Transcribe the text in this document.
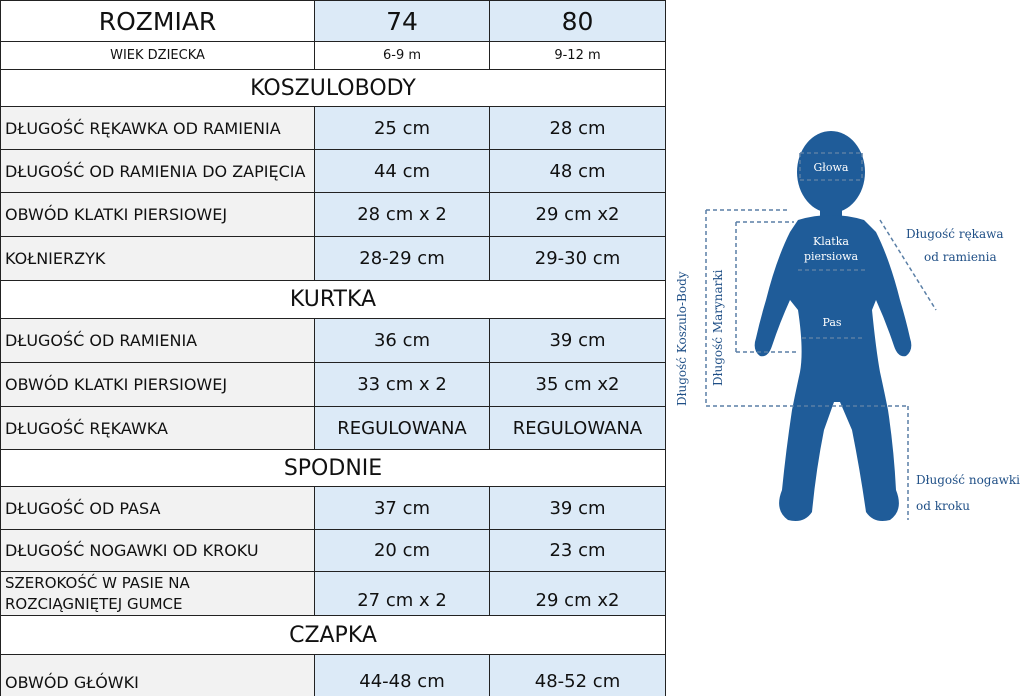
ROZMIAR	74	80
WIEK DZIECKA	6-9 m	9-12 m
KOSZULOBODY
DŁUGOŚĆ RĘKAWKA OD RAMIENIA	25 cm	28 cm
DŁUGOŚĆ OD RAMIENIA DO ZAPIĘCIA	44 cm	48 cm
OBWÓD KLATKI PIERSIOWEJ	28 cm x 2	29 cm x2
KOŁNIERZYK	28-29 cm	29-30 cm
KURTKA
DŁUGOŚĆ OD RAMIENIA	36 cm	39 cm
OBWÓD KLATKI PIERSIOWEJ	33 cm x 2	35 cm x2
DŁUGOŚĆ RĘKAWKA	REGULOWANA	REGULOWANA
SPODNIE
DŁUGOŚĆ OD PASA	37 cm	39 cm
DŁUGOŚĆ NOGAWKI OD KROKU	20 cm	23 cm
SZEROKOŚĆ W PASIE NA
ROZCIĄGNIĘTEJ GUMCE	27 cm x 2	29 cm x2
CZAPKA
OBWÓD GŁÓWKI	44-48 cm	48-52 cm
Głowa
Klatka
piersiowa
Pas
Długość rękawa
od ramienia
Długość nogawki
od kroku
Długość Koszulo-Body Długość Marynarki
